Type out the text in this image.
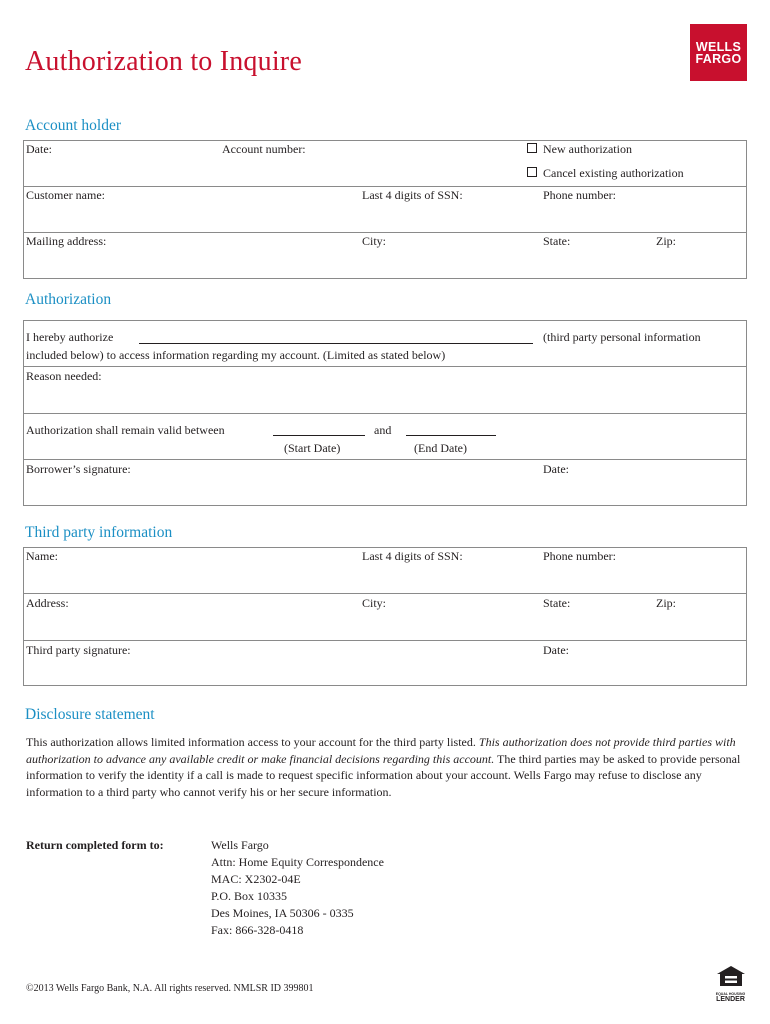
Authorization to Inquire	WELLS
FARGO
Account holder
Date:	Account number:	New authorization
Cancel existing authorization
Customer name:	Last 4 digits of SSN:	Phone number:
Mailing address:	City:	State:	Zip:
Authorization
I hereby authorize	(third party personal information
included below) to access information regarding my account. (Limited as stated below)
Reason needed:
Authorization shall remain valid between	and
(Start Date)	(End Date)
Borrower’s signature:	Date:
Third party information
Name:	Last 4 digits of SSN:	Phone number:
Address:	City:	State:	Zip:
Third party signature:	Date:
Disclosure statement
This authorization allows limited information access to your account for the third party listed. This authorization does not provide third parties with authorization to advance any available credit or make financial decisions regarding this account. The third parties may be asked to provide personal information to verify the identity if a call is made to request specific information about your account. Wells Fargo may refuse to disclose any information to a third party who cannot verify his or her secure information.
Return completed form to:	Wells Fargo
Attn: Home Equity Correspondence
MAC: X2302-04E
P.O. Box 10335
Des Moines, IA 50306 - 0335
Fax: 866-328-0418
©2013 Wells Fargo Bank, N.A. All rights reserved. NMLSR ID 399801	EQUAL HOUSING
LENDER
